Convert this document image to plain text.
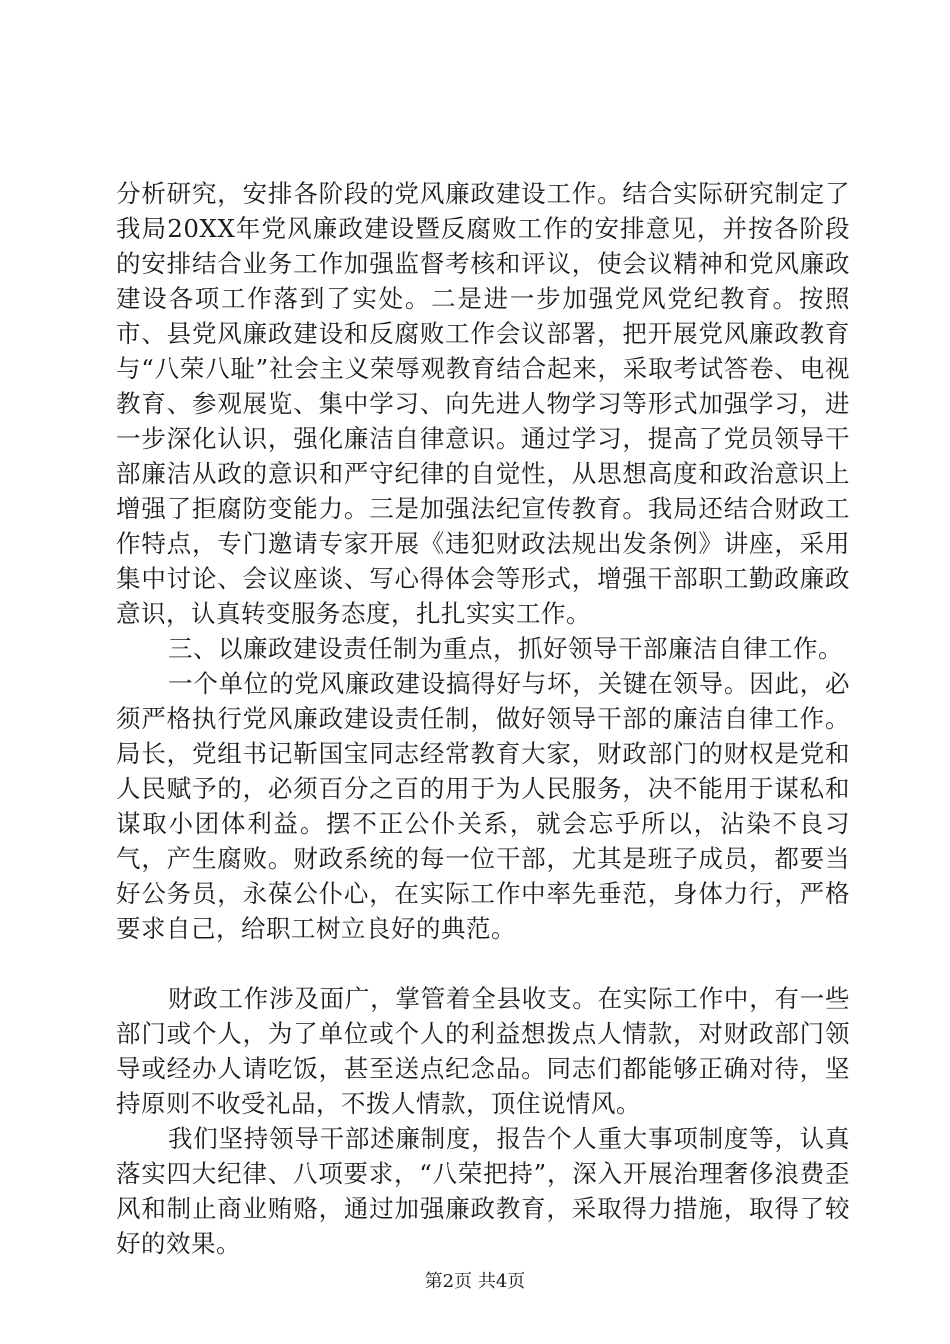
分析研究，安排各阶段的党风廉政建设工作。结合实际研究制定了我局20XX年党风廉政建设暨反腐败工作的安排意见，并按各阶段的安排结合业务工作加强监督考核和评议，使会议精神和党风廉政建设各项工作落到了实处。二是进一步加强党风党纪教育。按照市、县党风廉政建设和反腐败工作会议部署，把开展党风廉政教育与“八荣八耻”社会主义荣辱观教育结合起来，采取考试答卷、电视教育、参观展览、集中学习、向先进人物学习等形式加强学习，进一步深化认识，强化廉洁自律意识。通过学习，提高了党员领导干部廉洁从政的意识和严守纪律的自觉性，从思想高度和政治意识上增强了拒腐防变能力。三是加强法纪宣传教育。我局还结合财政工作特点，专门邀请专家开展《违犯财政法规出发条例》讲座，采用集中讨论、会议座谈、写心得体会等形式，增强干部职工勤政廉政意识，认真转变服务态度，扎扎实实工作。

三、以廉政建设责任制为重点，抓好领导干部廉洁自律工作。

一个单位的党风廉政建设搞得好与坏，关键在领导。因此，必须严格执行党风廉政建设责任制，做好领导干部的廉洁自律工作。局长，党组书记靳国宝同志经常教育大家，财政部门的财权是党和人民赋予的，必须百分之百的用于为人民服务，决不能用于谋私和谋取小团体利益。摆不正公仆关系，就会忘乎所以，沾染不良习气，产生腐败。财政系统的每一位干部，尤其是班子成员，都要当好公务员，永葆公仆心，在实际工作中率先垂范，身体力行，严格要求自己，给职工树立良好的典范。

财政工作涉及面广，掌管着全县收支。在实际工作中，有一些部门或个人，为了单位或个人的利益想拨点人情款，对财政部门领导或经办人请吃饭，甚至送点纪念品。同志们都能够正确对待，坚持原则不收受礼品，不拨人情款，顶住说情风。

我们坚持领导干部述廉制度，报告个人重大事项制度等，认真落实四大纪律、八项要求，“八荣把持”，深入开展治理奢侈浪费歪风和制止商业贿赂，通过加强廉政教育，采取得力措施，取得了较好的效果。

第2页 共4页
